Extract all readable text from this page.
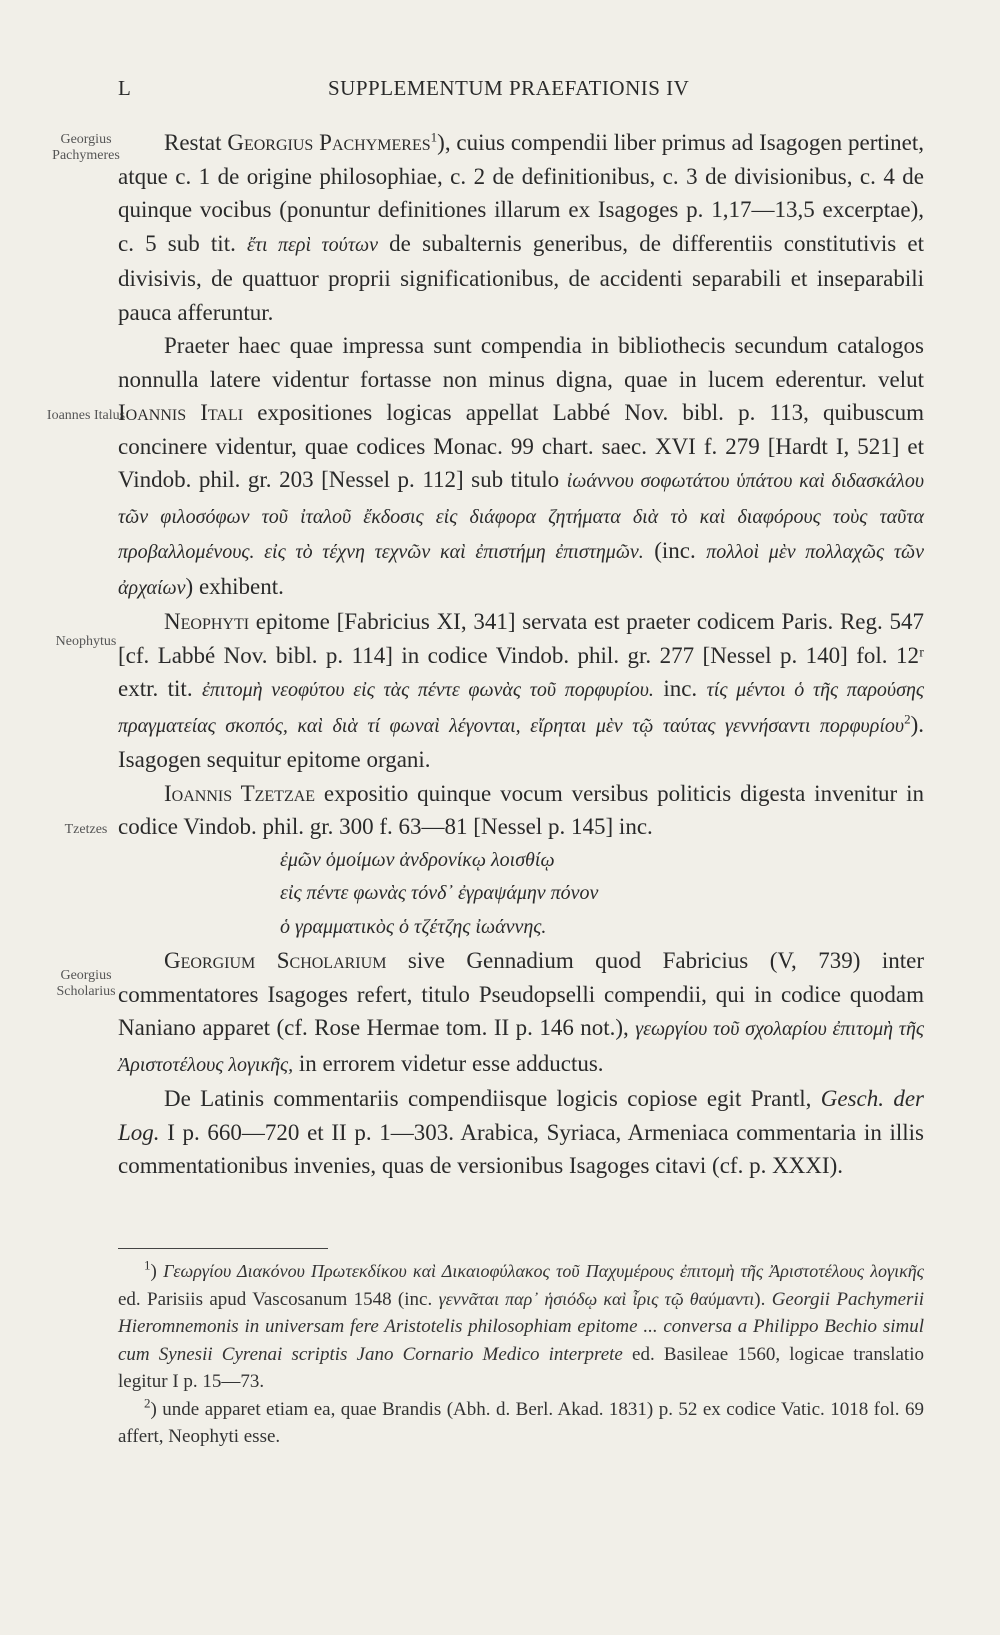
L	SUPPLEMENTUM PRAEFATIONIS IV
Georgius Pachymeres
Ioannes Italus
Neophytus
Tzetzes
Georgius Scholarius

Restat Georgius Pachymeres$^1$), cuius compendii liber primus ad Isagogen pertinet, atque c. 1 de origine philosophiae, c. 2 de definitionibus, c. 3 de divisionibus, c. 4 de quinque vocibus (ponuntur definitiones illarum ex Isagoges p. 1,17—13,5 excerptae), c. 5 sub tit. ἔτι περὶ τούτων de subalternis generibus, de differentiis constitutivis et divisivis, de quattuor proprii significationibus, de accidenti separabili et inseparabili pauca afferuntur.

Praeter haec quae impressa sunt compendia in bibliothecis secundum catalogos nonnulla latere videntur fortasse non minus digna, quae in lucem ederentur. velut Ioannis Itali expositiones logicas appellat Labbé Nov. bibl. p. 113, quibuscum concinere videntur, quae codices Monac. 99 chart. saec. XVI f. 279 [Hardt I, 521] et Vindob. phil. gr. 203 [Nessel p. 112] sub titulo ἰωάννου σοφωτάτου ὑπάτου καὶ διδασκάλου τῶν φιλοσόφων τοῦ ἰταλοῦ ἔκδοσις εἰς διάφορα ζητήματα διὰ τὸ καὶ διαφόρους τοὺς ταῦτα προβαλλομένους. εἰς τὸ τέχνη τεχνῶν καὶ ἐπιστήμη ἐπιστημῶν. (inc. πολλοὶ μὲν πολλαχῶς τῶν ἀρχαίων) exhibent.

Neophyti epitome [Fabricius XI, 341] servata est praeter codicem Paris. Reg. 547 [cf. Labbé Nov. bibl. p. 114] in codice Vindob. phil. gr. 277 [Nessel p. 140] fol. 12ʳ extr. tit. ἐπιτομὴ νεοφύτου εἰς τὰς πέντε φωνὰς τοῦ πορφυρίου. inc. τίς μέντοι ὁ τῆς παρούσης πραγματείας σκοπός, καὶ διὰ τί φωναὶ λέγονται, εἴρηται μὲν τῷ ταύτας γεννήσαντι πορφυρίου$^2$). Isagogen sequitur epitome organi.

Ioannis Tzetzae expositio quinque vocum versibus politicis digesta invenitur in codice Vindob. phil. gr. 300 f. 63—81 [Nessel p. 145] inc.

ἐμῶν ὁμοίμων ἀνδρονίκῳ λοισθίῳ
εἰς πέντε φωνὰς τόνδ᾽ ἐγραψάμην πόνον
ὁ γραμματικὸς ὁ τζέτζης ἰωάννης.

Georgium Scholarium sive Gennadium quod Fabricius (V, 739) inter commentatores Isagoges refert, titulo Pseudopselli compendii, qui in codice quodam Naniano apparet (cf. Rose Hermae tom. II p. 146 not.), γεωργίου τοῦ σχολαρίου ἐπιτομὴ τῆς Ἀριστοτέλους λογικῆς, in errorem videtur esse adductus.

De Latinis commentariis compendiisque logicis copiose egit Prantl, Gesch. der Log. I p. 660—720 et II p. 1—303. Arabica, Syriaca, Armeniaca commentaria in illis commentationibus invenies, quas de versionibus Isagoges citavi (cf. p. XXXI).

$^1$) Γεωργίου Διακόνου Πρωτεκδίκου καὶ Δικαιοφύλακος τοῦ Παχυμέρους ἐπιτομὴ τῆς Ἀριστοτέλους λογικῆς ed. Parisiis apud Vascosanum 1548 (inc. γεννᾶται παρ᾽ ἡσιόδῳ καὶ ἶρις τῷ θαύμαντι). Georgii Pachymerii Hieromnemonis in universam fere Aristotelis philosophiam epitome ... conversa a Philippo Bechio simul cum Synesii Cyrenai scriptis Jano Cornario Medico interprete ed. Basileae 1560, logicae translatio legitur I p. 15—73.

$^2$) unde apparet etiam ea, quae Brandis (Abh. d. Berl. Akad. 1831) p. 52 ex codice Vatic. 1018 fol. 69 affert, Neophyti esse.
